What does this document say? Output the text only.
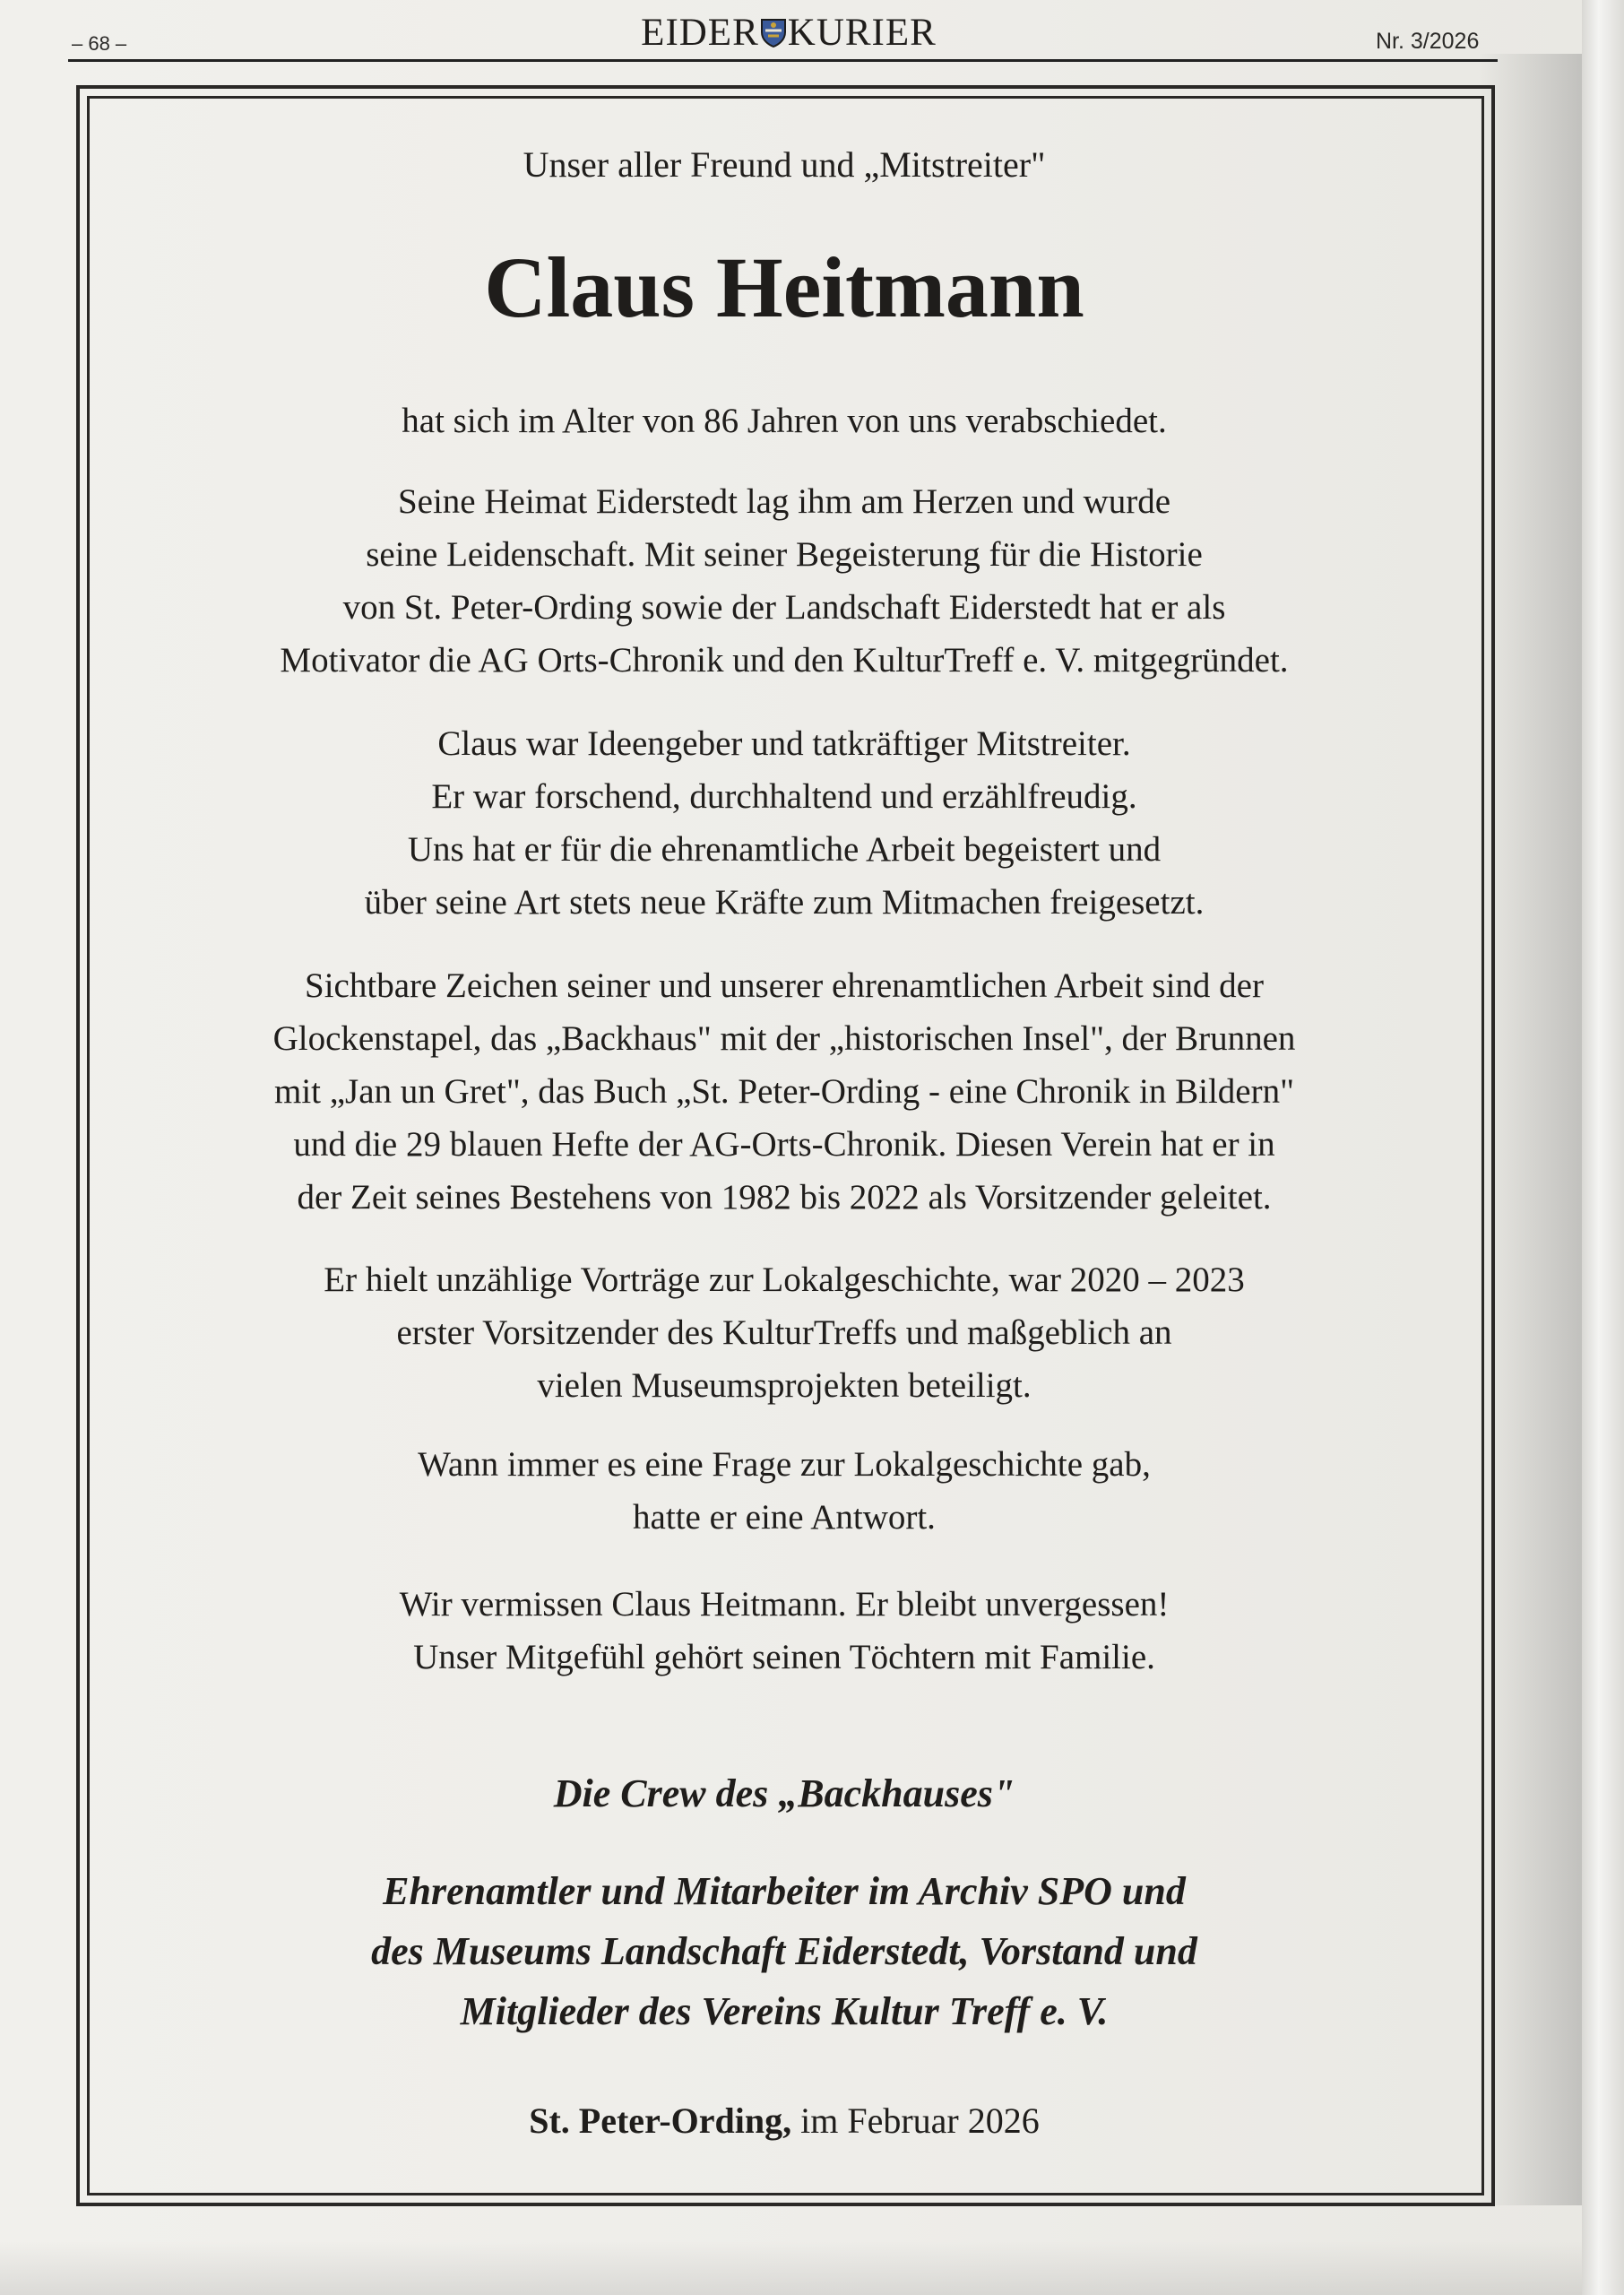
– 68 –	EIDER KURIER	Nr. 3/2026
Unser aller Freund und „Mitstreiter"
Claus Heitmann
hat sich im Alter von 86 Jahren von uns verabschiedet.
Seine Heimat Eiderstedt lag ihm am Herzen und wurde
seine Leidenschaft. Mit seiner Begeisterung für die Historie
von St. Peter-Ording sowie der Landschaft Eiderstedt hat er als
Motivator die AG Orts-Chronik und den KulturTreff e. V. mitgegründet.
Claus war Ideengeber und tatkräftiger Mitstreiter.
Er war forschend, durchhaltend und erzählfreudig.
Uns hat er für die ehrenamtliche Arbeit begeistert und
über seine Art stets neue Kräfte zum Mitmachen freigesetzt.
Sichtbare Zeichen seiner und unserer ehrenamtlichen Arbeit sind der
Glockenstapel, das „Backhaus" mit der „historischen Insel", der Brunnen
mit „Jan un Gret", das Buch „St. Peter-Ording - eine Chronik in Bildern"
und die 29 blauen Hefte der AG-Orts-Chronik. Diesen Verein hat er in
der Zeit seines Bestehens von 1982 bis 2022 als Vorsitzender geleitet.
Er hielt unzählige Vorträge zur Lokalgeschichte, war 2020 – 2023
erster Vorsitzender des KulturTreffs und maßgeblich an
vielen Museumsprojekten beteiligt.
Wann immer es eine Frage zur Lokalgeschichte gab,
hatte er eine Antwort.
Wir vermissen Claus Heitmann. Er bleibt unvergessen!
Unser Mitgefühl gehört seinen Töchtern mit Familie.
Die Crew des „Backhauses"
Ehrenamtler und Mitarbeiter im Archiv SPO und
des Museums Landschaft Eiderstedt, Vorstand und
Mitglieder des Vereins Kultur Treff e. V.
St. Peter-Ording, im Februar 2026
